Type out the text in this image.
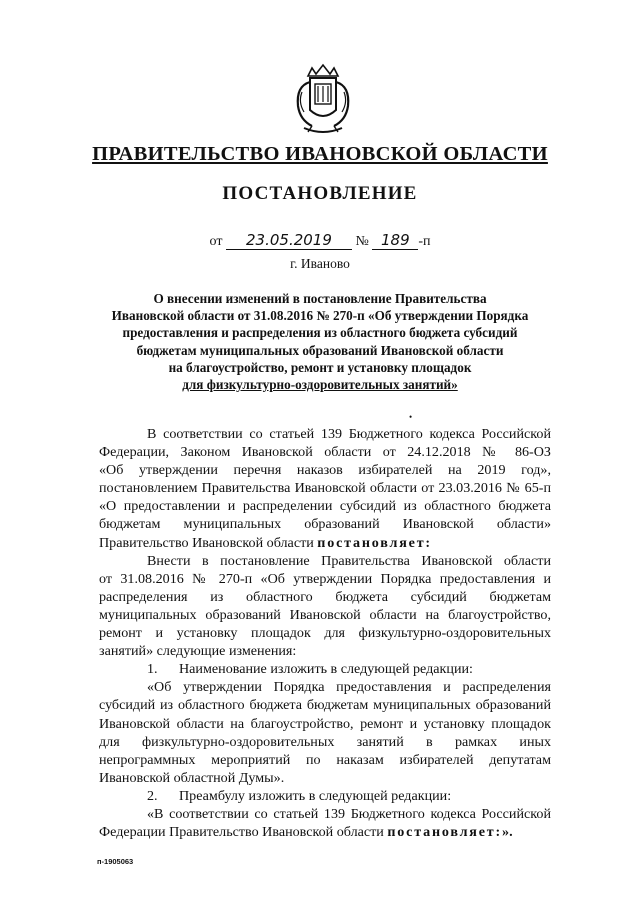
ПРАВИТЕЛЬСТВО ИВАНОВСКОЙ ОБЛАСТИ
ПОСТАНОВЛЕНИЕ
от 23.05.2019 № 189 -п
г. Иваново
О внесении изменений в постановление Правительства
Ивановской области от 31.08.2016 № 270-п «Об утверждении Порядка
предоставления и распределения из областного бюджета субсидий
бюджетам муниципальных образований Ивановской области
на благоустройство, ремонт и установку площадок
для физкультурно-оздоровительных занятий»
•
В соответствии со статьей 139 Бюджетного кодекса Российской
Федерации, Законом Ивановской области от 24.12.2018 № 86-ОЗ
«Об утверждении перечня наказов избирателей на 2019 год»,
постановлением Правительства Ивановской области от 23.03.2016 № 65-п
«О предоставлении и распределении субсидий из областного бюджета
бюджетам муниципальных образований Ивановской области»
Правительство Ивановской области постановляет:
Внести в постановление Правительства Ивановской области
от 31.08.2016 № 270-п «Об утверждении Порядка предоставления и
распределения из областного бюджета субсидий бюджетам
муниципальных образований Ивановской области на благоустройство,
ремонт и установку площадок для физкультурно-оздоровительных
занятий» следующие изменения:
1. Наименование изложить в следующей редакции:
«Об утверждении Порядка предоставления и распределения
субсидий из областного бюджета бюджетам муниципальных образований
Ивановской области на благоустройство, ремонт и установку площадок
для физкультурно-оздоровительных занятий в рамках иных
непрограммных мероприятий по наказам избирателей депутатам
Ивановской областной Думы».
2. Преамбулу изложить в следующей редакции:
«В соответствии со статьей 139 Бюджетного кодекса Российской
Федерации Правительство Ивановской области постановляет:».
п-1905063
